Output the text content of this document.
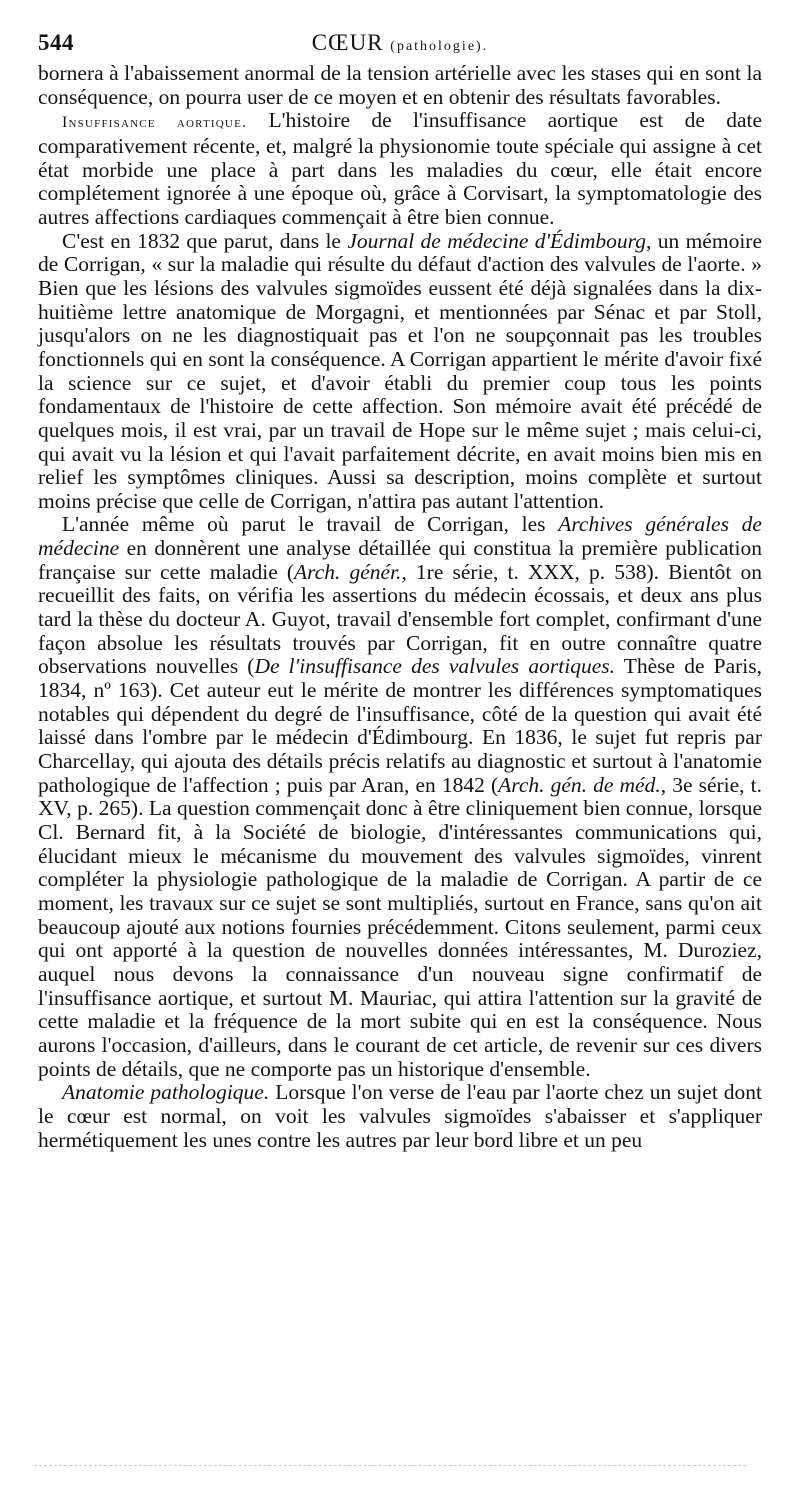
544	CŒUR (pathologie).

bornera à l'abaissement anormal de la tension artérielle avec les stases qui en sont la conséquence, on pourra user de ce moyen et en obtenir des résultats favorables.

Insuffisance aortique. L'histoire de l'insuffisance aortique est de date comparativement récente, et, malgré la physionomie toute spéciale qui assigne à cet état morbide une place à part dans les maladies du cœur, elle était encore complétement ignorée à une époque où, grâce à Corvisart, la symptomatologie des autres affections cardiaques commençait à être bien connue.

C'est en 1832 que parut, dans le Journal de médecine d'Édimbourg, un mémoire de Corrigan, « sur la maladie qui résulte du défaut d'action des valvules de l'aorte. » Bien que les lésions des valvules sigmoïdes eussent été déjà signalées dans la dix-huitième lettre anatomique de Morgagni, et mentionnées par Sénac et par Stoll, jusqu'alors on ne les diagnostiquait pas et l'on ne soupçonnait pas les troubles fonctionnels qui en sont la conséquence. A Corrigan appartient le mérite d'avoir fixé la science sur ce sujet, et d'avoir établi du premier coup tous les points fondamentaux de l'histoire de cette affection. Son mémoire avait été précédé de quelques mois, il est vrai, par un travail de Hope sur le même sujet ; mais celui-ci, qui avait vu la lésion et qui l'avait parfaitement décrite, en avait moins bien mis en relief les symptômes cliniques. Aussi sa description, moins complète et surtout moins précise que celle de Corrigan, n'attira pas autant l'attention.

L'année même où parut le travail de Corrigan, les Archives générales de médecine en donnèrent une analyse détaillée qui constitua la première publication française sur cette maladie (Arch. génér., 1re série, t. XXX, p. 538). Bientôt on recueillit des faits, on vérifia les assertions du médecin écossais, et deux ans plus tard la thèse du docteur A. Guyot, travail d'ensemble fort complet, confirmant d'une façon absolue les résultats trouvés par Corrigan, fit en outre connaître quatre observations nouvelles (De l'insuffisance des valvules aortiques. Thèse de Paris, 1834, nº 163). Cet auteur eut le mérite de montrer les différences symptomatiques notables qui dépendent du degré de l'insuffisance, côté de la question qui avait été laissé dans l'ombre par le médecin d'Édimbourg. En 1836, le sujet fut repris par Charcellay, qui ajouta des détails précis relatifs au diagnostic et surtout à l'anatomie pathologique de l'affection ; puis par Aran, en 1842 (Arch. gén. de méd., 3e série, t. XV, p. 265). La question commençait donc à être cliniquement bien connue, lorsque Cl. Bernard fit, à la Société de biologie, d'intéressantes communications qui, élucidant mieux le mécanisme du mouvement des valvules sigmoïdes, vinrent compléter la physiologie pathologique de la maladie de Corrigan. A partir de ce moment, les travaux sur ce sujet se sont multipliés, surtout en France, sans qu'on ait beaucoup ajouté aux notions fournies précédemment. Citons seulement, parmi ceux qui ont apporté à la question de nouvelles données intéressantes, M. Duroziez, auquel nous devons la connaissance d'un nouveau signe confirmatif de l'insuffisance aortique, et surtout M. Mauriac, qui attira l'attention sur la gravité de cette maladie et la fréquence de la mort subite qui en est la conséquence. Nous aurons l'occasion, d'ailleurs, dans le courant de cet article, de revenir sur ces divers points de détails, que ne comporte pas un historique d'ensemble.

Anatomie pathologique. Lorsque l'on verse de l'eau par l'aorte chez un sujet dont le cœur est normal, on voit les valvules sigmoïdes s'abaisser et s'appliquer hermétiquement les unes contre les autres par leur bord libre et un peu
